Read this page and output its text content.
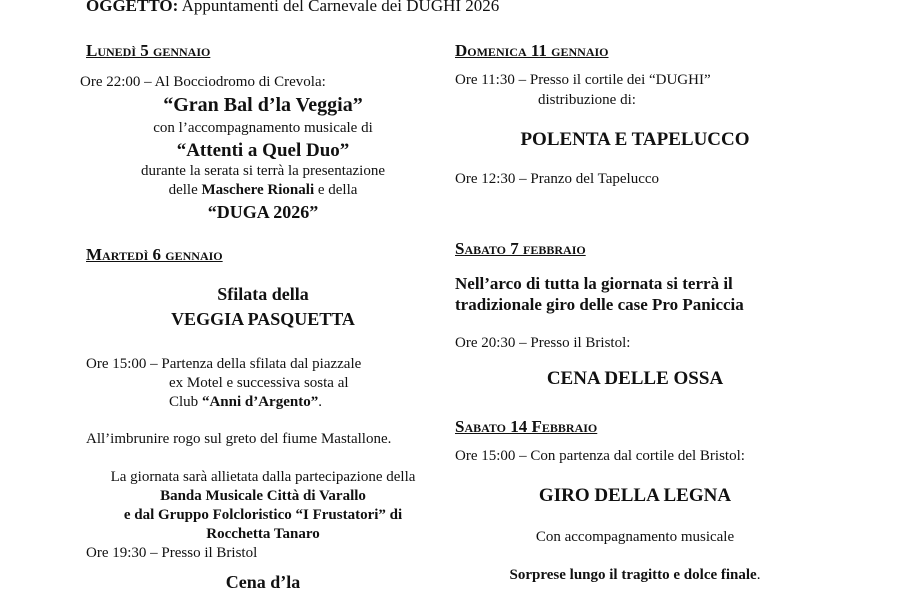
OGGETTO: Appuntamenti del Carnevale dei DUGHI 2026
Lunedì 5 gennaio
Ore 22:00 – Al Bocciodromo di Crevola:
“Gran Bal d’la Veggia”
con l’accompagnamento musicale di
“Attenti a Quel Duo”
durante la serata si terrà la presentazione
delle Maschere Rionali e della
“DUGA 2026”
Martedì 6 gennaio
Sfilata della
VEGGIA PASQUETTA
Ore 15:00 – Partenza della sfilata dal piazzale
ex Motel e successiva sosta al
Club “Anni d’Argento”.
All’imbrunire rogo sul greto del fiume Mastallone.
La giornata sarà allietata dalla partecipazione della
Banda Musicale Città di Varallo
e dal Gruppo Folcloristico “I Frustatori” di
Rocchetta Tanaro
Ore 19:30 – Presso il Bristol
Cena d’la
Domenica 11 gennaio
Ore 11:30 – Presso il cortile dei “DUGHI”
distribuzione di:
POLENTA E TAPELUCCO
Ore 12:30 – Pranzo del Tapelucco
Sabato 7 febbraio
Nell’arco di tutta la giornata si terrà il
tradizionale giro delle case Pro Paniccia
Ore 20:30 – Presso il Bristol:
CENA DELLE OSSA
Sabato 14 Febbraio
Ore 15:00 – Con partenza dal cortile del Bristol:
GIRO DELLA LEGNA
Con accompagnamento musicale
Sorprese lungo il tragitto e dolce finale.
